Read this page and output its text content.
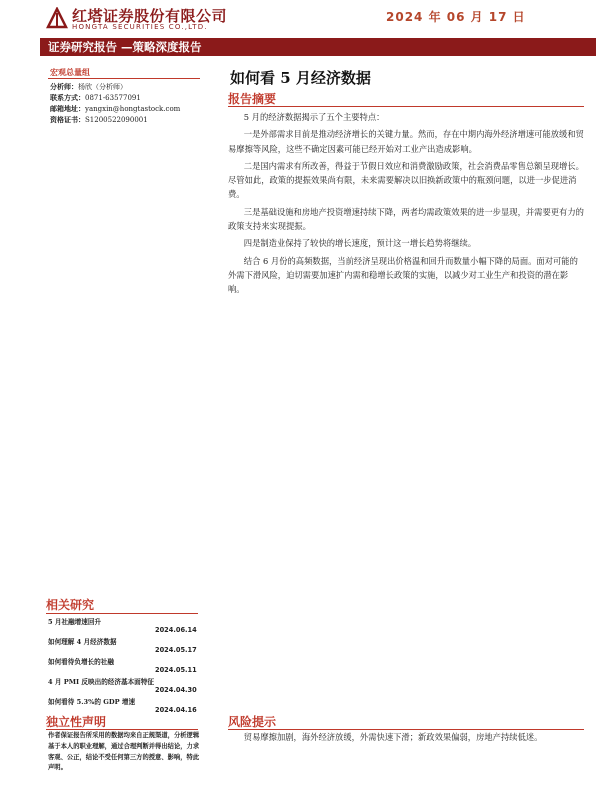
红塔证券股份有限公司
HONGTA SECURITIES CO.,LTD.
2024 年 06 月 17 日
证券研究报告 —策略深度报告
宏观总量组
分析师：杨欣（分析师）
联系方式：0871-63577091
邮箱地址：yangxin@hongtastock.com
资格证书：S1200522090001
如何看 5 月经济数据
报告摘要

5 月的经济数据揭示了五个主要特点：

一是外部需求目前是推动经济增长的关键力量。然而，存在中期内海外经济增速可能放缓和贸易摩擦等风险，这些不确定因素可能已经开始对工业产出造成影响。

二是国内需求有所改善，得益于节假日效应和消费激励政策，社会消费品零售总额呈现增长。尽管如此，政策的提振效果尚有限，未来需要解决以旧换新政策中的瓶颈问题，以进一步促进消费。

三是基础设施和房地产投资增速持续下降，两者均需政策效果的进一步显现，并需要更有力的政策支持来实现提振。

四是制造业保持了较快的增长速度，预计这一增长趋势将继续。

结合 6 月份的高频数据，当前经济呈现出价格温和回升而数量小幅下降的局面。面对可能的外需下滑风险，迫切需要加速扩内需和稳增长政策的实施，以减少对工业生产和投资的潜在影响。

相关研究
5 月社融增速回升
2024.06.14
如何理解 4 月经济数据
2024.05.17
如何看待负增长的社融
2024.05.11
4 月 PMI 反映出的经济基本面特征
2024.04.30
如何看待 5.3%的 GDP 增速
2024.04.16
独立性声明
作者保证报告所采用的数据均来自正规渠道，分析逻辑基于本人的职业理解，通过合理判断并得出结论，力求客观、公正，结论不受任何第三方的授意、影响，特此声明。
风险提示
贸易摩擦加剧，海外经济放缓，外需快速下滑；新政效果偏弱，房地产持续低迷。
